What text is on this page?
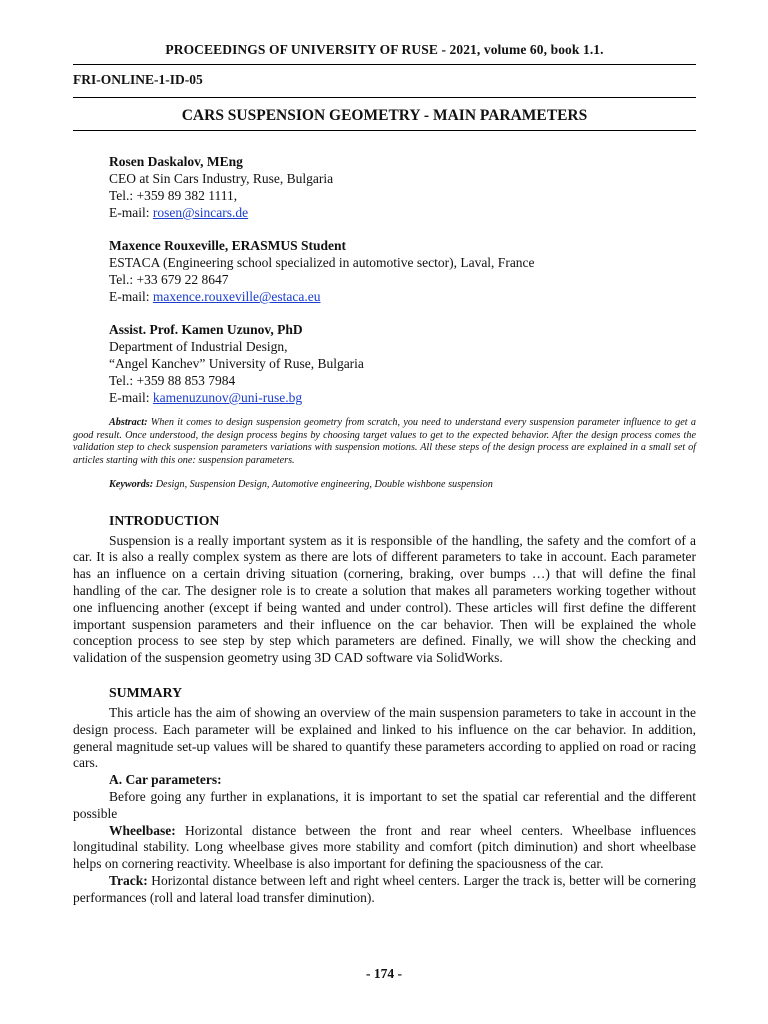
PROCEEDINGS OF UNIVERSITY OF RUSE - 2021, volume 60, book 1.1.
FRI-ONLINE-1-ID-05
CARS SUSPENSION GEOMETRY - MAIN PARAMETERS
Rosen Daskalov, MEng
CEO at Sin Cars Industry, Ruse, Bulgaria
Tel.: +359 89 382 1111,
E-mail: rosen@sincars.de
Maxence Rouxeville, ERASMUS Student
ESTACA (Engineering school specialized in automotive sector), Laval, France
Tel.: +33 679 22 8647
E-mail: maxence.rouxeville@estaca.eu
Assist. Prof. Kamen Uzunov, PhD
Department of Industrial Design,
“Angel Kanchev” University of Ruse, Bulgaria
Tel.: +359 88 853 7984
E-mail: kamenuzunov@uni-ruse.bg

Abstract: When it comes to design suspension geometry from scratch, you need to understand every suspension parameter influence to get a good result. Once understood, the design process begins by choosing target values to get to the expected behavior. After the design process comes the validation step to check suspension parameters variations with suspension motions. All these steps of the design process are explained in a small set of articles starting with this one: suspension parameters.

Keywords: Design, Suspension Design, Automotive engineering, Double wishbone suspension
INTRODUCTION

Suspension is a really important system as it is responsible of the handling, the safety and the comfort of a car. It is also a really complex system as there are lots of different parameters to take in account. Each parameter has an influence on a certain driving situation (cornering, braking, over bumps …) that will define the final handling of the car. The designer role is to create a solution that makes all parameters working together without one influencing another (except if being wanted and under control). These articles will first define the different important suspension parameters and their influence on the car behavior. Then will be explained the whole conception process to see step by step which parameters are defined. Finally, we will show the checking and validation of the suspension geometry using 3D CAD software via SolidWorks.

SUMMARY

This article has the aim of showing an overview of the main suspension parameters to take in account in the design process. Each parameter will be explained and linked to his influence on the car behavior. In addition, general magnitude set-up values will be shared to quantify these parameters according to applied on road or racing cars.

A. Car parameters:

Before going any further in explanations, it is important to set the spatial car referential and the different possible

Wheelbase: Horizontal distance between the front and rear wheel centers. Wheelbase influences longitudinal stability. Long wheelbase gives more stability and comfort (pitch diminution) and short wheelbase helps on cornering reactivity. Wheelbase is also important for defining the spaciousness of the car.

Track: Horizontal distance between left and right wheel centers. Larger the track is, better will be cornering performances (roll and lateral load transfer diminution).

- 174 -
